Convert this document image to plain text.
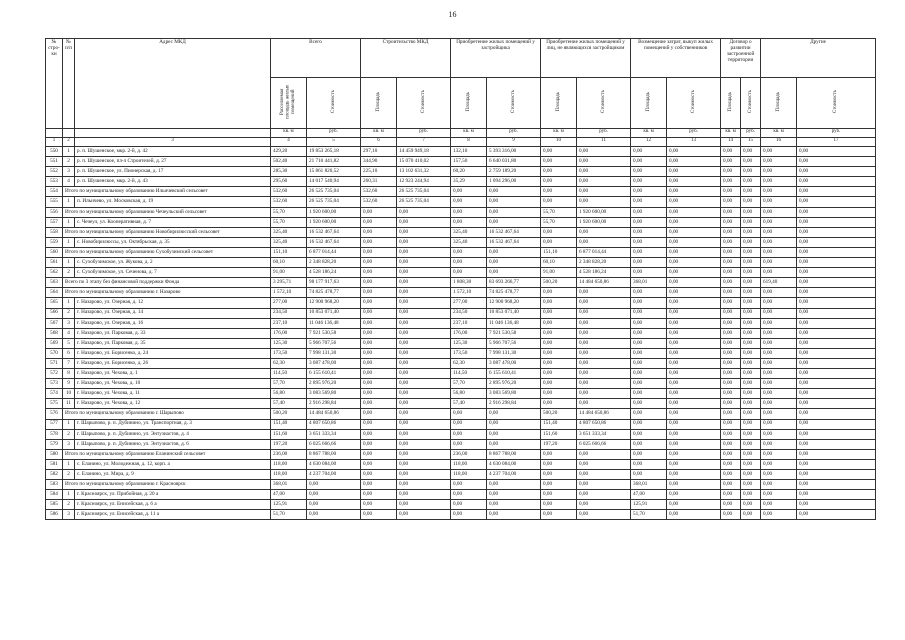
16
№ стро-ки	№ п/п	Адрес МКД	Всего		Строительство МКД		Приобретение жилых помещений у застройщика		Приобретение жилых помещений у лиц, не являющихся застройщиком		Возмещение затрат, выкуп жилых помещений у собственников		Договор о развитии застроенной территории		Другие	
			Расселяемая площадь жилых помещений	Стоимость	Площадь	Стоимость	Площадь	Стоимость	Площадь	Стоимость	Площадь	Стоимость	Площадь	Стоимость	Площадь	Стоимость
			кв. м	руб.	кв. м	руб.	кв. м	руб.	кв. м	руб.	кв. м	руб.	кв. м	руб.	кв. м	руб.
1	2	3	4	5	6	7	8	9	10	11	12	13	14	15	16	17
550	1	р. п. Шушенское, мкр. 2-й, д. 42	429,20	19 853 265,18	297,10	14 459 949,18	132,10	5 393 316,00	0,00	0,00	0,00	0,00	0,00	0,00	0,00	0,00
551	2	р. п. Шушенское, пл-л Строителей, д. 27	502,40	21 710 441,82	344,90	15 070 410,02	157,50	6 640 031,80	0,00	0,00	0,00	0,00	0,00	0,00	0,00	0,00
552	3	р. п. Шушенское, ул. Пионерская, д. 17	285,30	15 861 820,52	225,10	13 102 631,32	60,20	2 759 189,20	0,00	0,00	0,00	0,00	0,00	0,00	0,00	0,00
553	4	р. п. Шушенское, мкр. 2-й, д. 43	295,60	14 017 540,94	260,31	12 923 244,94	35,29	1 094 296,00	0,00	0,00	0,00	0,00	0,00	0,00	0,00	0,00
554	Итого по муниципальному образованию Ильичевский сельсовет		532,60	26 525 735,04	532,60	26 525 735,04	0,00	0,00	0,00	0,00	0,00	0,00	0,00	0,00	0,00	0,00
555	1	п. Ильичево, ул. Московская, д. 19	532,60	26 525 735,04	532,60	26 525 735,04	0,00	0,00	0,00	0,00	0,00	0,00	0,00	0,00	0,00	0,00
556	Итого по муниципальному образованию Чечеульский сельсовет		55,70	1 920 600,00	0,00	0,00	0,00	0,00	55,70	1 920 600,00	0,00	0,00	0,00	0,00	0,00	0,00
557	1	с. Чечеул, ул. Кооперативная, д. 7	55,70	1 920 600,00	0,00	0,00	0,00	0,00	55,70	1 920 600,00	0,00	0,00	0,00	0,00	0,00	0,00
558	Итого по муниципальному образованию Новобирилюсский сельсовет		325,40	16 532 467,64	0,00	0,00	325,40	16 532 467,64	0,00	0,00	0,00	0,00	0,00	0,00	0,00	0,00
559	1	с. Новобирилюссы, ул. Октябрьская, д. 35	325,40	16 532 467,64	0,00	0,00	325,40	16 532 467,64	0,00	0,00	0,00	0,00	0,00	0,00	0,00	0,00
560	Итого по муниципальному образованию Сухобузимский сельсовет		151,10	6 877 014,44	0,00	0,00	0,00	0,00	151,10	6 877 014,44	0,00	0,00	0,00	0,00	0,00	0,00
561	1	с. Сухобузимское, ул. Жукова, д. 2	60,10	2 348 828,20	0,00	0,00	0,00	0,00	60,10	2 348 828,20	0,00	0,00	0,00	0,00	0,00	0,00
562	2	с. Сухобузимское, ул. Сеченова, д. 7	91,00	4 528 186,24	0,00	0,00	0,00	0,00	91,00	4 528 186,24	0,00	0,00	0,00	0,00	0,00	0,00
563	Всего по 3 этапу без финансовой поддержки Фонда		3 295,71	98 177 917,63	0,00	0,00	1 808,30	83 693 266,77	500,20	14 484 650,86	368,01	0,00	0,00	0,00	619,40	0,00
564	Итого по муниципальному образованию г. Назарово		1 572,10	74 825 478,77	0,00	0,00	1 572,10	74 825 478,77	0,00	0,00	0,00	0,00	0,00	0,00	0,00	0,00
565	1	г. Назарово, ул. Озерная, д. 12	277,00	12 900 968,20	0,00	0,00	277,00	12 900 968,20	0,00	0,00	0,00	0,00	0,00	0,00	0,00	0,00
566	2	г. Назарово, ул. Озерная, д. 14	234,50	10 853 071,40	0,00	0,00	234,50	10 853 071,40	0,00	0,00	0,00	0,00	0,00	0,00	0,00	0,00
567	3	г. Назарово, ул. Озерная, д. 16	237,10	11 046 136,48	0,00	0,00	237,10	11 046 136,48	0,00	0,00	0,00	0,00	0,00	0,00	0,00	0,00
568	4	г. Назарово, ул. Парковая, д. 33	176,00	7 921 530,58	0,00	0,00	176,00	7 921 530,58	0,00	0,00	0,00	0,00	0,00	0,00	0,00	0,00
569	5	г. Назарово, ул. Парковая, д. 35	125,30	5 966 707,56	0,00	0,00	125,30	5 966 707,56	0,00	0,00	0,00	0,00	0,00	0,00	0,00	0,00
570	6	г. Назарово, ул. Борисенко, д. 24	173,50	7 998 131,30	0,00	0,00	173,50	7 998 131,30	0,00	0,00	0,00	0,00	0,00	0,00	0,00	0,00
571	7	г. Назарово, ул. Борисенко, д. 26	62,30	3 087 478,00	0,00	0,00	62,30	3 087 478,00	0,00	0,00	0,00	0,00	0,00	0,00	0,00	0,00
572	8	г. Назарово, ул. Чехова, д. 1	114,50	6 155 610,41	0,00	0,00	114,50	6 155 610,41	0,00	0,00	0,00	0,00	0,00	0,00	0,00	0,00
573	9	г. Назарово, ул. Чехова, д. 10	57,70	2 895 976,20	0,00	0,00	57,70	2 895 976,20	0,00	0,00	0,00	0,00	0,00	0,00	0,00	0,00
574	10	г. Назарово, ул. Чехова, д. 11	56,80	3 083 569,80	0,00	0,00	56,80	3 083 569,80	0,00	0,00	0,00	0,00	0,00	0,00	0,00	0,00
575	11	г. Назарово, ул. Чехова, д. 12	57,40	2 916 298,84	0,00	0,00	57,40	2 916 298,84	0,00	0,00	0,00	0,00	0,00	0,00	0,00	0,00
576	Итого по муниципальному образованию г. Шарыпово		500,20	14 484 650,86	0,00	0,00	0,00	0,00	500,20	14 484 650,86	0,00	0,00	0,00	0,00	0,00	0,00
577	1	г. Шарыпово, р. п. Дубинино, ул. Транспортная, д. 3	151,40	4 807 650,86	0,00	0,00	0,00	0,00	151,40	4 807 650,86	0,00	0,00	0,00	0,00	0,00	0,00
578	2	г. Шарыпово, р. п. Дубинино, ул. Энтузиастов, д. 4	151,60	3 651 333,34	0,00	0,00	0,00	0,00	151,60	3 651 333,34	0,00	0,00	0,00	0,00	0,00	0,00
579	3	г. Шарыпово, р. п. Дубинино, ул. Энтузиастов, д. 6	197,20	6 025 666,66	0,00	0,00	0,00	0,00	197,20	6 025 666,66	0,00	0,00	0,00	0,00	0,00	0,00
580	Итого по муниципальному образованию Еланинский сельсовет		236,00	8 867 788,00	0,00	0,00	236,00	8 867 788,00	0,00	0,00	0,00	0,00	0,00	0,00	0,00	0,00
581	1	с. Еланино, ул. Молодежная, д. 12, корп. а	118,00	4 630 084,00	0,00	0,00	118,00	4 630 084,00	0,00	0,00	0,00	0,00	0,00	0,00	0,00	0,00
582	2	с. Еланино, ул. Мира, д. 9	118,00	4 237 704,00	0,00	0,00	118,00	4 237 704,00	0,00	0,00	0,00	0,00	0,00	0,00	0,00	0,00
583	Итого по муниципальному образованию г. Красноярск		368,01	0,00	0,00	0,00	0,00	0,00	0,00	0,00	368,01	0,00	0,00	0,00	0,00	0,00
584	1	г. Красноярск, ул. Прибойная, д. 20 а	47,00	0,00	0,00	0,00	0,00	0,00	0,00	0,00	47,00	0,00	0,00	0,00	0,00	0,00
585	2	г. Красноярск, ул. Енисейская, д. 6 а	125,91	0,00	0,00	0,00	0,00	0,00	0,00	0,00	125,91	0,00	0,00	0,00	0,00	0,00
586	3	г. Красноярск, ул. Енисейская, д. 11 а	51,70	0,00	0,00	0,00	0,00	0,00	0,00	0,00	51,70	0,00	0,00	0,00	0,00	0,00
